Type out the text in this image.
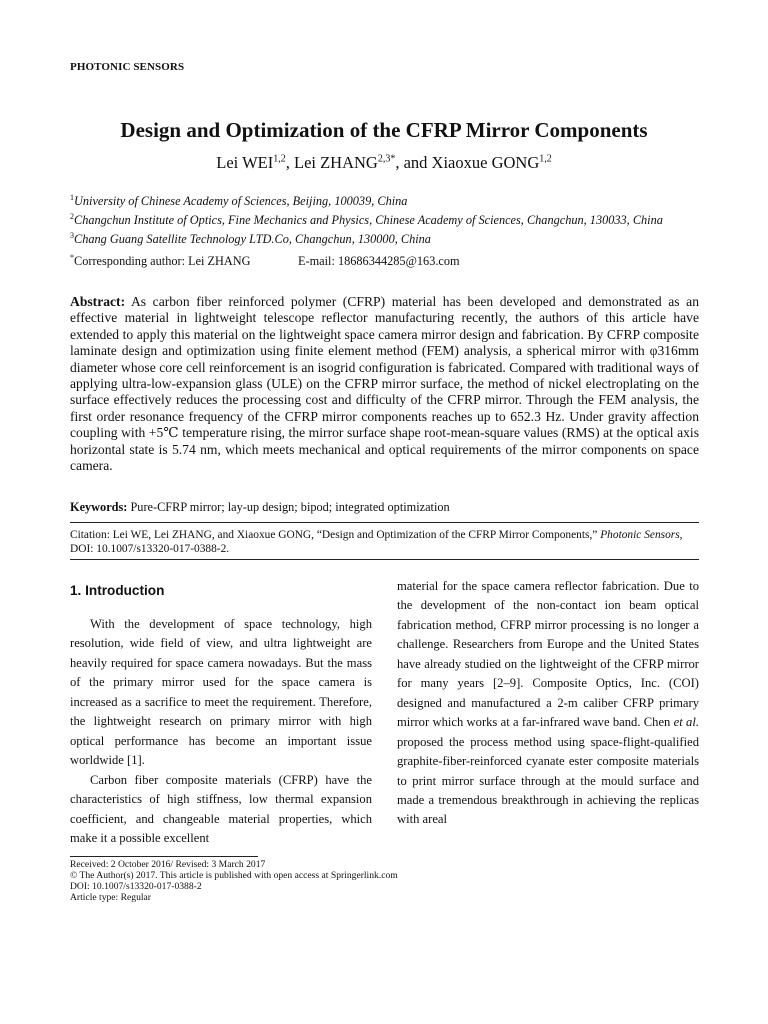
PHOTONIC SENSORS
Design and Optimization of the CFRP Mirror Components
Lei WEI$^{1,2}$, Lei $ZHANG^{2,3*}$, and Xiaoxue GONG$^{1,2}$
$^1$University of Chinese Academy of Sciences, Beijing, 100039, China
$^2$Changchun Institute of Optics, Fine Mechanics and Physics, Chinese Academy of Sciences, Changchun, 130033, China
$^3$Chang Guang Satellite Technology LTD.Co, Changchun, 130000, China
*Corresponding author: Lei ZHANG	E-mail: 18686344285@163.com
Abstract: As carbon fiber reinforced polymer (CFRP) material has been developed and demonstrated as an effective material in lightweight telescope reflector manufacturing recently, the authors of this article have extended to apply this material on the lightweight space camera mirror design and fabrication. By CFRP composite laminate design and optimization using finite element method (FEM) analysis, a spherical mirror with φ316mm diameter whose core cell reinforcement is an isogrid configuration is fabricated. Compared with traditional ways of applying ultra-low-expansion glass (ULE) on the CFRP mirror surface, the method of nickel electroplating on the surface effectively reduces the processing cost and difficulty of the CFRP mirror. Through the FEM analysis, the first order resonance frequency of the CFRP mirror components reaches up to 652.3 Hz. Under gravity affection coupling with +5℃ temperature rising, the mirror surface shape root-mean-square values (RMS) at the optical axis horizontal state is 5.74 nm, which meets mechanical and optical requirements of the mirror components on space camera.
Keywords: Pure-CFRP mirror; lay-up design; bipod; integrated optimization
Citation: Lei WE, Lei ZHANG, and Xiaoxue GONG, “Design and Optimization of the CFRP Mirror Components,” Photonic Sensors, DOI: 10.1007/s13320-017-0388-2.
1. Introduction

With the development of space technology, high resolution, wide field of view, and ultra lightweight are heavily required for space camera nowadays. But the mass of the primary mirror used for the space camera is increased as a sacrifice to meet the requirement. Therefore, the lightweight research on primary mirror with high optical performance has become an important issue worldwide [1].

Carbon fiber composite materials (CFRP) have the characteristics of high stiffness, low thermal expansion coefficient, and changeable material properties, which make it a possible excellent

material for the space camera reflector fabrication. Due to the development of the non-contact ion beam optical fabrication method, CFRP mirror processing is no longer a challenge. Researchers from Europe and the United States have already studied on the lightweight of the CFRP mirror for many years [2–9]. Composite Optics, Inc. (COI) designed and manufactured a 2-m caliber CFRP primary mirror which works at a far-infrared wave band. Chen et al. proposed the process method using space-flight-qualified graphite-fiber-reinforced cyanate ester composite materials to print mirror surface through at the mould surface and made a tremendous breakthrough in achieving the replicas with areal

Received: 2 October 2016/ Revised: 3 March 2017
© The Author(s) 2017. This article is published with open access at Springerlink.com
DOI: 10.1007/s13320-017-0388-2
Article type: Regular
